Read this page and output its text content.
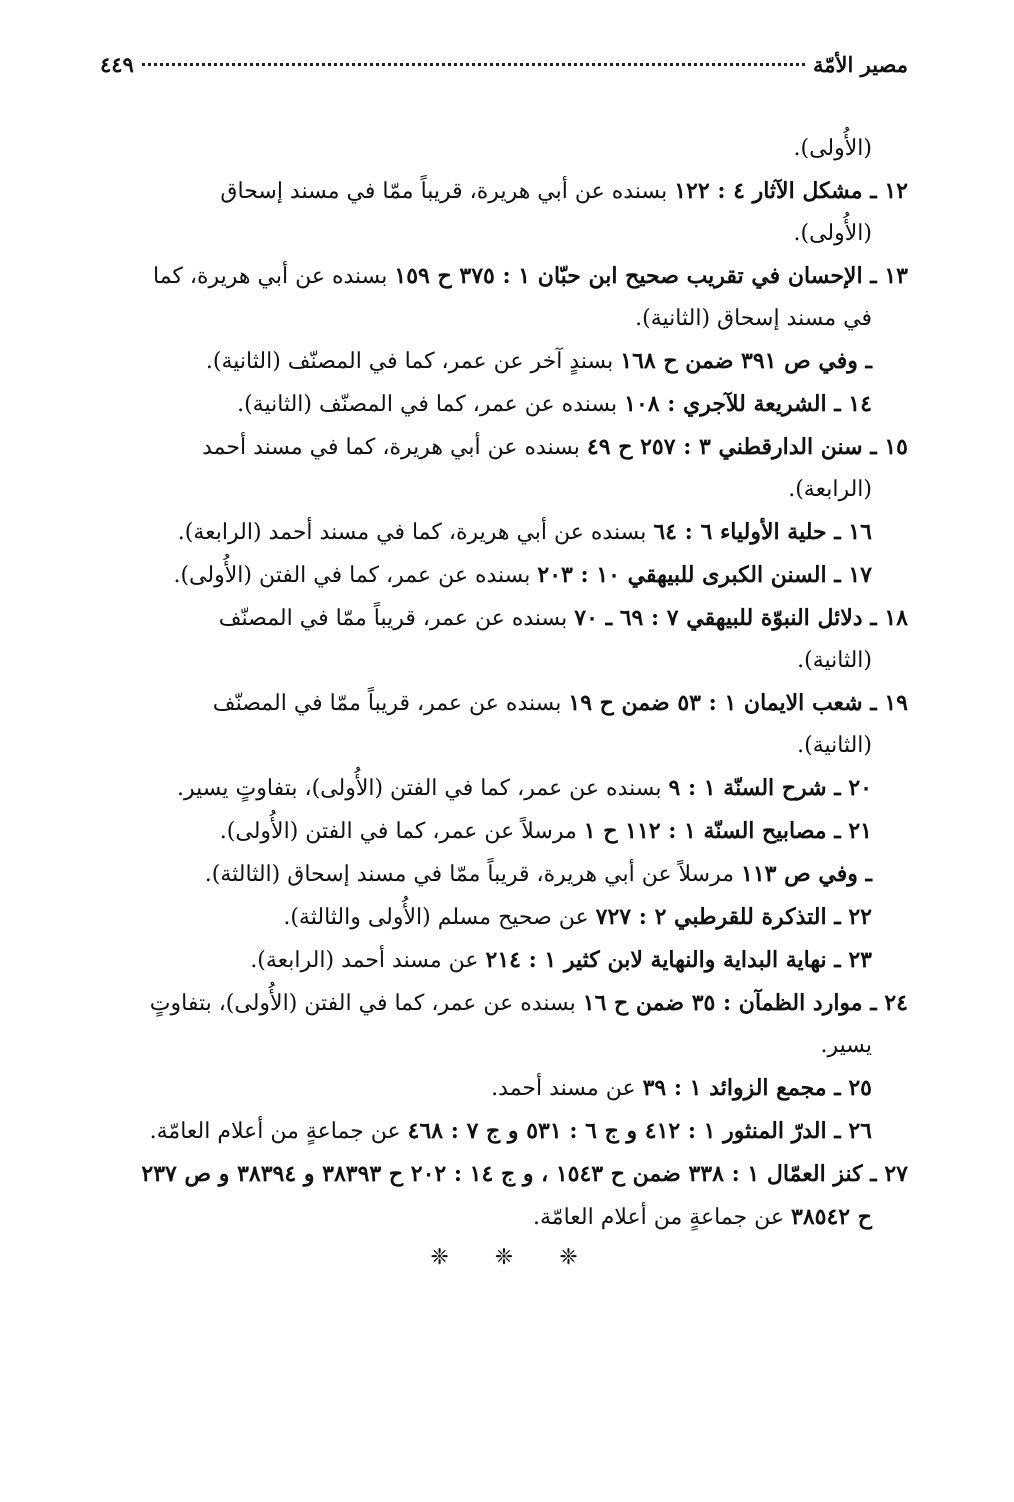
مصير الأمّة
٤٤٩

(الأُولى).

١٢ ـ مشكل الآثار ٤ : ١٢٢ بسنده عن أبي هريرة، قريباً ممّا في مسند إسحاق
(الأُولى).

١٣ ـ الإحسان في تقريب صحيح ابن حبّان ١ : ٣٧٥ ح ١٥٩ بسنده عن أبي هريرة، كما
في مسند إسحاق (الثانية).

ـ وفي ص ٣٩١ ضمن ح ١٦٨ بسندٍ آخر عن عمر، كما في المصنّف (الثانية).

١٤ ـ الشريعة للآجري : ١٠٨ بسنده عن عمر، كما في المصنّف (الثانية).

١٥ ـ سنن الدارقطني ٣ : ٢٥٧ ح ٤٩ بسنده عن أبي هريرة، كما في مسند أحمد
(الرابعة).

١٦ ـ حلية الأولياء ٦ : ٦٤ بسنده عن أبي هريرة، كما في مسند أحمد (الرابعة).

١٧ ـ السنن الكبرى للبيهقي ١٠ : ٢٠٣ بسنده عن عمر، كما في الفتن (الأُولى).

١٨ ـ دلائل النبوّة للبيهقي ٧ : ٦٩ ـ ٧٠ بسنده عن عمر، قريباً ممّا في المصنّف
(الثانية).

١٩ ـ شعب الايمان ١ : ٥٣ ضمن ح ١٩ بسنده عن عمر، قريباً ممّا في المصنّف
(الثانية).

٢٠ ـ شرح السنّة ١ : ٩ بسنده عن عمر، كما في الفتن (الأُولى)، بتفاوتٍ يسير.

٢١ ـ مصابيح السنّة ١ : ١١٢ ح ١ مرسلاً عن عمر، كما في الفتن (الأُولى).

ـ وفي ص ١١٣ مرسلاً عن أبي هريرة، قريباً ممّا في مسند إسحاق (الثالثة).

٢٢ ـ التذكرة للقرطبي ٢ : ٧٢٧ عن صحيح مسلم (الأُولى والثالثة).

٢٣ ـ نهاية البداية والنهاية لابن كثير ١ : ٢١٤ عن مسند أحمد (الرابعة).

٢٤ ـ موارد الظمآن : ٣٥ ضمن ح ١٦ بسنده عن عمر، كما في الفتن (الأُولى)، بتفاوتٍ
يسير.

٢٥ ـ مجمع الزوائد ١ : ٣٩ عن مسند أحمد.

٢٦ ـ الدرّ المنثور ١ : ٤١٢ و ج ٦ : ٥٣١ و ج ٧ : ٤٦٨ عن جماعةٍ من أعلام العامّة.

٢٧ ـ كنز العمّال ١ : ٣٣٨ ضمن ح ١٥٤٣ ، و ج ١٤ : ٢٠٢ ح ٣٨٣٩٣ و ٣٨٣٩٤ و ص ٢٣٧
ح ٣٨٥٤٢ عن جماعةٍ من أعلام العامّة.

❈
❈
❈
